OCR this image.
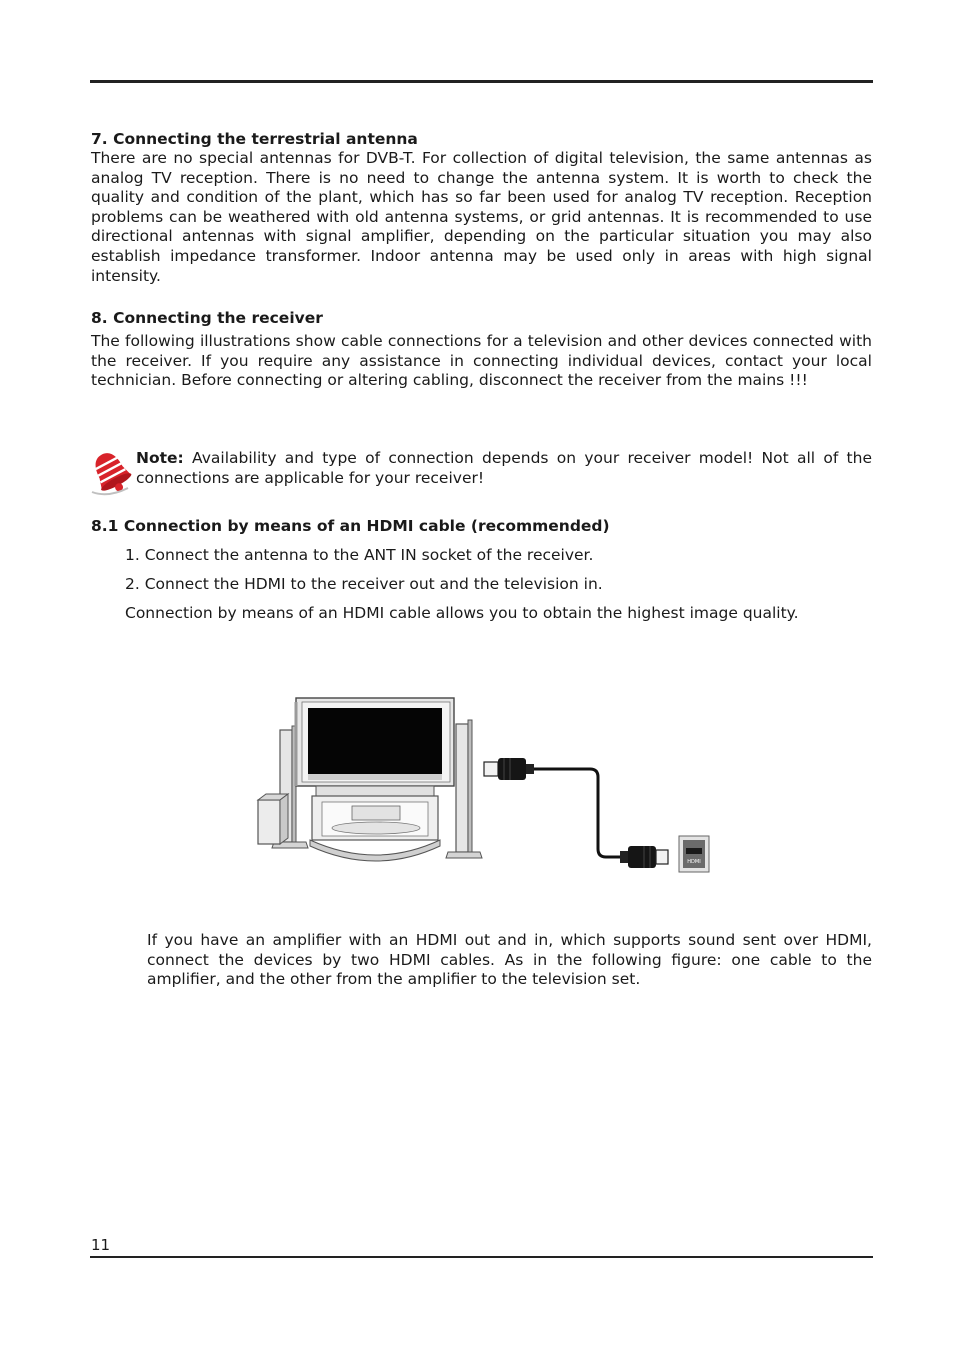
7. Connecting the terrestrial antenna

There are no special antennas for DVB-T. For collection of digital television, the same antennas as analog TV reception. There is no need to change the antenna system. It is worth to check the quality and condition of the plant, which has so far been used for analog TV reception. Reception problems can be weathered with old antenna systems, or grid antennas. It is recommended to use directional antennas with signal amplifier, depending on the particular situation you may also establish impedance transformer. Indoor antenna may be used only in areas with high signal intensity.

8. Connecting the receiver

The following illustrations show cable connections for a television and other devices connected with the receiver. If you require any assistance in connecting individual devices, contact your local technician. Before connecting or altering cabling, disconnect the receiver from the mains !!!

Note: Availability and type of connection depends on your receiver model! Not all of the connections are applicable for your receiver!

8.1 Connection by means of an HDMI cable (recommended)

1. Connect the antenna to the ANT IN socket of the receiver.

2. Connect the HDMI to the receiver out and the television in.

Connection by means of an HDMI cable allows you to obtain the highest image quality.

HDMI

If you have an amplifier with an HDMI out and in, which supports sound sent over HDMI, connect the devices by two HDMI cables. As in the following figure: one cable to the amplifier, and the other from the amplifier to the television set.

11
